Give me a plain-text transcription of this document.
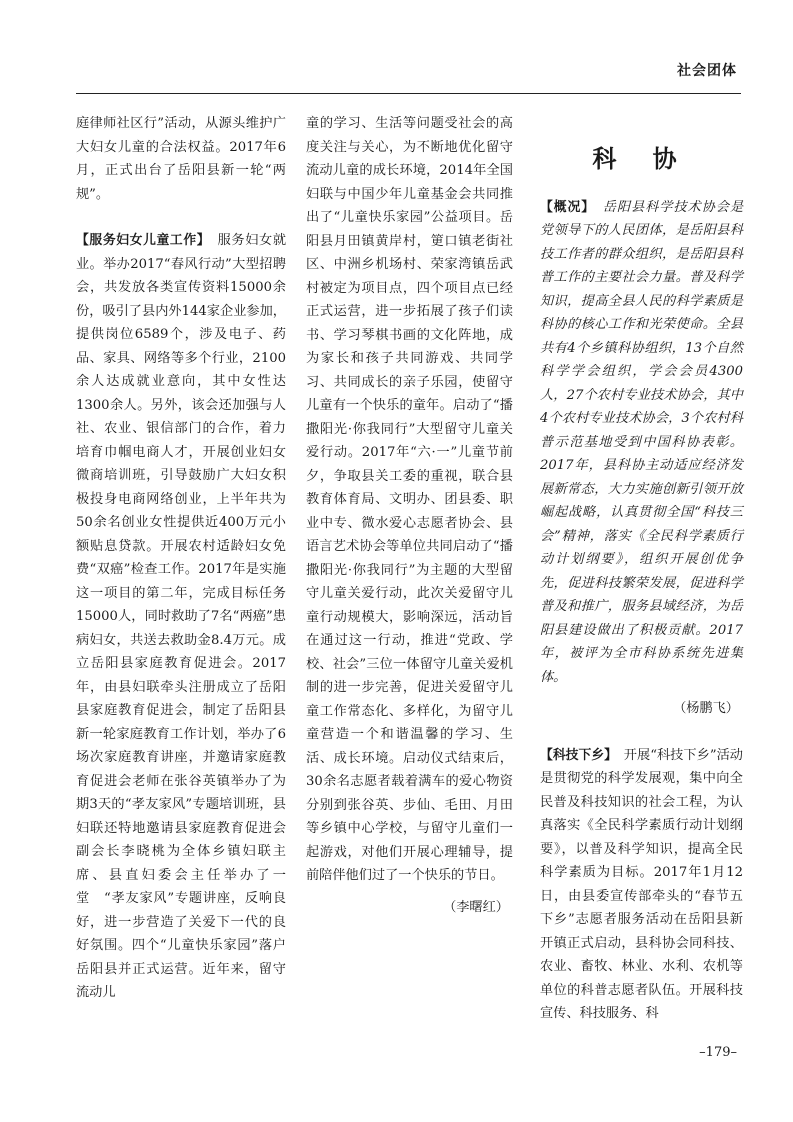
社会团体

庭律师社区行”活动，从源头维护广大妇女儿童的合法权益。2017年6月，正式出台了岳阳县新一轮“两规”。

【服务妇女儿童工作】　 服务妇女就业。举办2017“春风行动”大型招聘会，共发放各类宣传资料15000余份，吸引了县内外144家企业参加，提供岗位6589个，涉及电子、药品、家具、网络等多个行业，2100余人达成就业意向，其中女性达1300余人。另外，该会还加强与人社、农业、银信部门的合作，着力培育巾帼电商人才，开展创业妇女微商培训班，引导鼓励广大妇女积极投身电商网络创业，上半年共为50余名创业女性提供近400万元小额贴息贷款。开展农村适龄妇女免费“双癌”检查工作。2017年是实施这一项目的第二年，完成目标任务15000人，同时救助了7名“两癌”患病妇女，共送去救助金8.4万元。成立岳阳县家庭教育促进会。2017年，由县妇联牵头注册成立了岳阳县家庭教育促进会，制定了岳阳县新一轮家庭教育工作计划，举办了6场次家庭教育讲座，并邀请家庭教育促进会老师在张谷英镇举办了为期3天的“孝友家风”专题培训班，县妇联还特地邀请县家庭教育促进会副会长李晓桃为全体乡镇妇联主席、县直妇委会主任举办了一堂　“孝友家风”专题讲座，反响良好，进一步营造了关爱下一代的良好氛围。四个“儿童快乐家园”落户岳阳县并正式运营。近年来，留守流动儿

童的学习、生活等问题受社会的高度关注与关心，为不断地优化留守流动儿童的成长环境，2014年全国妇联与中国少年儿童基金会共同推出了“儿童快乐家园”公益项目。岳阳县月田镇黄岸村，筻口镇老街社区、中洲乡机场村、荣家湾镇岳武村被定为项目点，四个项目点已经正式运营，进一步拓展了孩子们读书、学习琴棋书画的文化阵地，成为家长和孩子共同游戏、共同学习、共同成长的亲子乐园，使留守儿童有一个快乐的童年。启动了“播撒阳光·你我同行”大型留守儿童关爱行动。2017年“六·一”儿童节前夕，争取县关工委的重视，联合县教育体育局、文明办、团县委、职业中专、微水爱心志愿者协会、县语言艺术协会等单位共同启动了“播撒阳光·你我同行”为主题的大型留守儿童关爱行动，此次关爱留守儿童行动规模大，影响深远，活动旨在通过这一行动，推进“党政、学校、社会”三位一体留守儿童关爱机制的进一步完善，促进关爱留守儿童工作常态化、多样化，为留守儿童营造一个和谐温馨的学习、生活、成长环境。启动仪式结束后，30余名志愿者载着满车的爱心物资分别到张谷英、步仙、毛田、月田等乡镇中心学校，与留守儿童们一起游戏，对他们开展心理辅导，提前陪伴他们过了一个快乐的节日。

（李曙红）

科 协

【概况】　 岳阳县科学技术协会是党领导下的人民团体，是岳阳县科技工作者的群众组织，是岳阳县科普工作的主要社会力量。普及科学知识，提高全县人民的科学素质是科协的核心工作和光荣使命。全县共有4个乡镇科协组织，13个自然科学学会组织，学会会员4300人，27个农村专业技术协会，其中4个农村专业技术协会，3个农村科普示范基地受到中国科协表彰。2017年，县科协主动适应经济发展新常态，大力实施创新引领开放崛起战略，认真贯彻全国“科技三会”精神，落实《全民科学素质行动计划纲要》，组织开展创优争先，促进科技繁荣发展，促进科学普及和推广，服务县域经济，为岳阳县建设做出了积极贡献。2017年，被评为全市科协系统先进集体。

（杨鹏飞）

【科技下乡】　 开展“科技下乡”活动是贯彻党的科学发展观，集中向全民普及科技知识的社会工程，为认真落实《全民科学素质行动计划纲要》，以普及科学知识，提高全民科学素质为目标。2017年1月12日，由县委宣传部牵头的“春节五下乡”志愿者服务活动在岳阳县新开镇正式启动，县科协会同科技、农业、畜牧、林业、水利、农机等单位的科普志愿者队伍。开展科技宣传、科技服务、科

–179–
